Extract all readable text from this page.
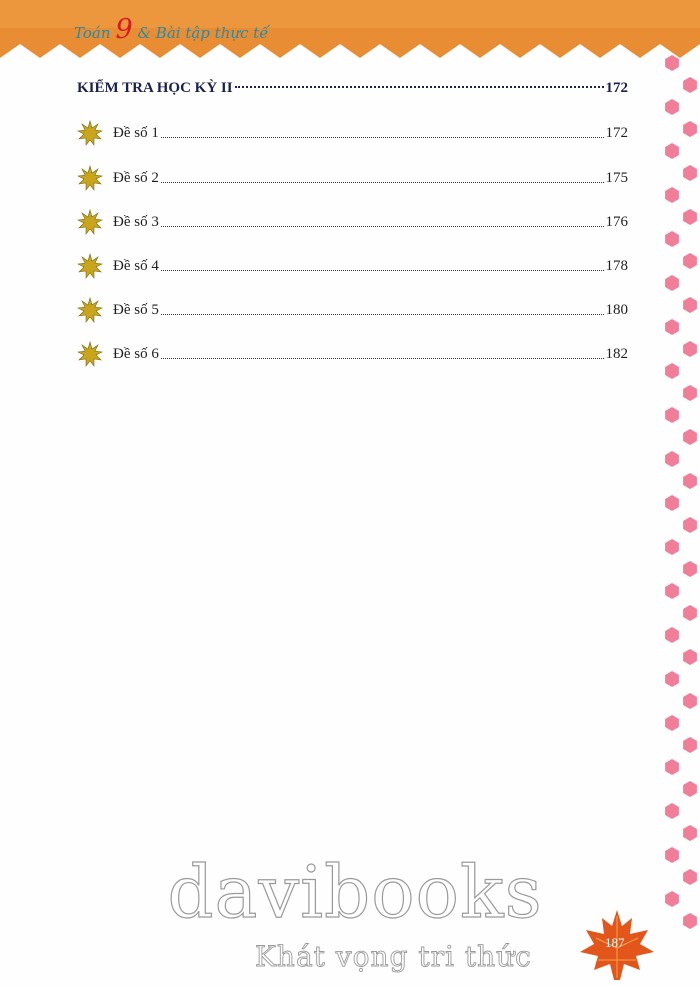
Toán 9 & Bài tập thực tế
KIỂM TRA HỌC KỲ II	172
Đề số 1	172
Đề số 2	175
Đề số 3	176
Đề số 4	178
Đề số 5	180
Đề số 6	182
davibooks
Khát vọng tri thức	187
